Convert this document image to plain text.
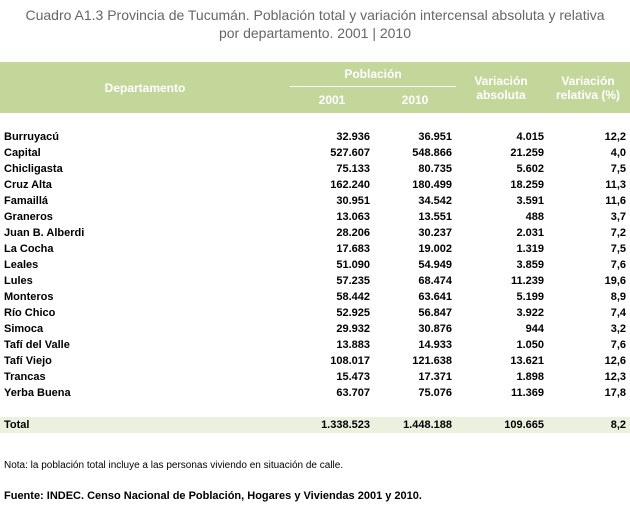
Cuadro A1.3 Provincia de Tucumán. Población total y variación intercensal absoluta y relativa
por departamento. 2001 | 2010
Departamento	Población		Variación absoluta	Variación relativa (%)
	2001	2010		

Burruyacú	32.936	36.951	4.015	12,2
Capital	527.607	548.866	21.259	4,0
Chicligasta	75.133	80.735	5.602	7,5
Cruz Alta	162.240	180.499	18.259	11,3
Famaillá	30.951	34.542	3.591	11,6
Graneros	13.063	13.551	488	3,7
Juan B. Alberdi	28.206	30.237	2.031	7,2
La Cocha	17.683	19.002	1.319	7,5
Leales	51.090	54.949	3.859	7,6
Lules	57.235	68.474	11.239	19,6
Monteros	58.442	63.641	5.199	8,9
Río Chico	52.925	56.847	3.922	7,4
Simoca	29.932	30.876	944	3,2
Tafí del Valle	13.883	14.933	1.050	7,6
Tafí Viejo	108.017	121.638	13.621	12,6
Trancas	15.473	17.371	1.898	12,3
Yerba Buena	63.707	75.076	11.369	17,8

Total	1.338.523	1.448.188	109.665	8,2
Nota: la población total incluye a las personas viviendo en situación de calle.
Fuente: INDEC. Censo Nacional de Población, Hogares y Viviendas 2001 y 2010.
